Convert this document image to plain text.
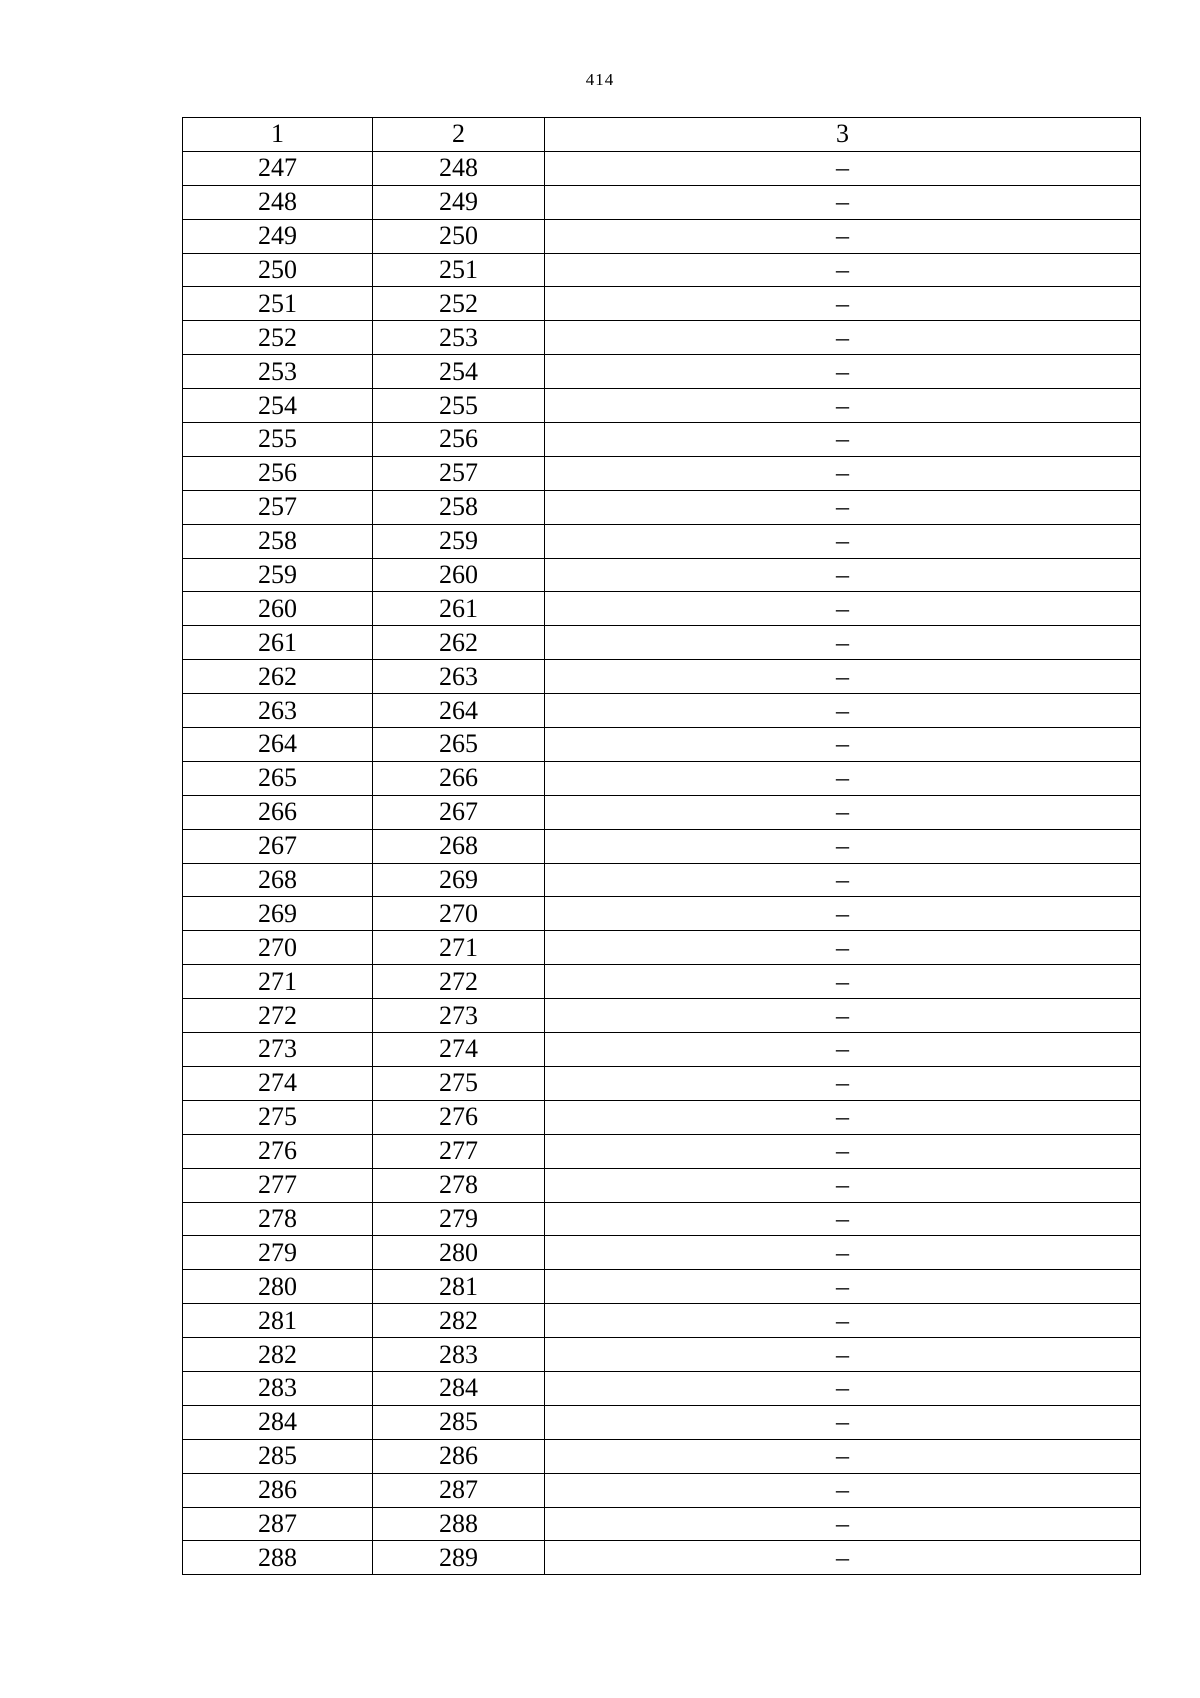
414
1	2	3
247	248	–
248	249	–
249	250	–
250	251	–
251	252	–
252	253	–
253	254	–
254	255	–
255	256	–
256	257	–
257	258	–
258	259	–
259	260	–
260	261	–
261	262	–
262	263	–
263	264	–
264	265	–
265	266	–
266	267	–
267	268	–
268	269	–
269	270	–
270	271	–
271	272	–
272	273	–
273	274	–
274	275	–
275	276	–
276	277	–
277	278	–
278	279	–
279	280	–
280	281	–
281	282	–
282	283	–
283	284	–
284	285	–
285	286	–
286	287	–
287	288	–
288	289	–
